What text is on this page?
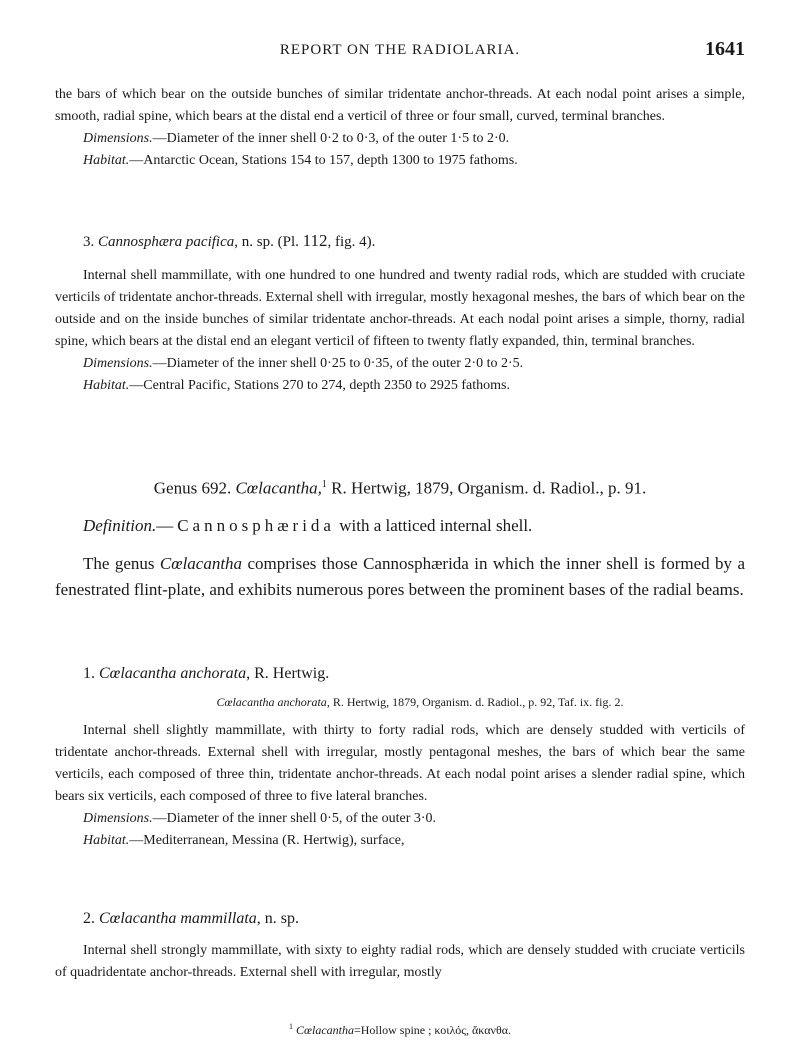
REPORT ON THE RADIOLARIA.	1641

the bars of which bear on the outside bunches of similar tridentate anchor-threads. At each nodal point arises a simple, smooth, radial spine, which bears at the distal end a verticil of three or four small, curved, terminal branches.

Dimensions.—Diameter of the inner shell 0·2 to 0·3, of the outer 1·5 to 2·0.

Habitat.—Antarctic Ocean, Stations 154 to 157, depth 1300 to 1975 fathoms.

3. Cannosphæra pacifica, n. sp. (Pl. 112, fig. 4).

Internal shell mammillate, with one hundred to one hundred and twenty radial rods, which are studded with cruciate verticils of tridentate anchor-threads. External shell with irregular, mostly hexagonal meshes, the bars of which bear on the outside and on the inside bunches of similar tridentate anchor-threads. At each nodal point arises a simple, thorny, radial spine, which bears at the distal end an elegant verticil of fifteen to twenty flatly expanded, thin, terminal branches.

Dimensions.—Diameter of the inner shell 0·25 to 0·35, of the outer 2·0 to 2·5.

Habitat.—Central Pacific, Stations 270 to 274, depth 2350 to 2925 fathoms.

Genus 692. Cœlacantha,$^1$ R. Hertwig, 1879, Organism. d. Radiol., p. 91.
Definition.—Cannosphærida with a latticed internal shell.
The genus Cœlacantha comprises those Cannosphærida in which the inner shell is formed by a fenestrated flint-plate, and exhibits numerous pores between the prominent bases of the radial beams.

1. Cœlacantha anchorata, R. Hertwig.

Cœlacantha anchorata, R. Hertwig, 1879, Organism. d. Radiol., p. 92, Taf. ix. fig. 2.

Internal shell slightly mammillate, with thirty to forty radial rods, which are densely studded with verticils of tridentate anchor-threads. External shell with irregular, mostly pentagonal meshes, the bars of which bear the same verticils, each composed of three thin, tridentate anchor-threads. At each nodal point arises a slender radial spine, which bears six verticils, each composed of three to five lateral branches.

Dimensions.—Diameter of the inner shell 0·5, of the outer 3·0.

Habitat.—Mediterranean, Messina (R. Hertwig), surface,

2. Cœlacantha mammillata, n. sp.

Internal shell strongly mammillate, with sixty to eighty radial rods, which are densely studded with cruciate verticils of quadridentate anchor-threads. External shell with irregular, mostly

$^1$ Cœlacantha=Hollow spine ; κοιλός, ἄκανθα.
